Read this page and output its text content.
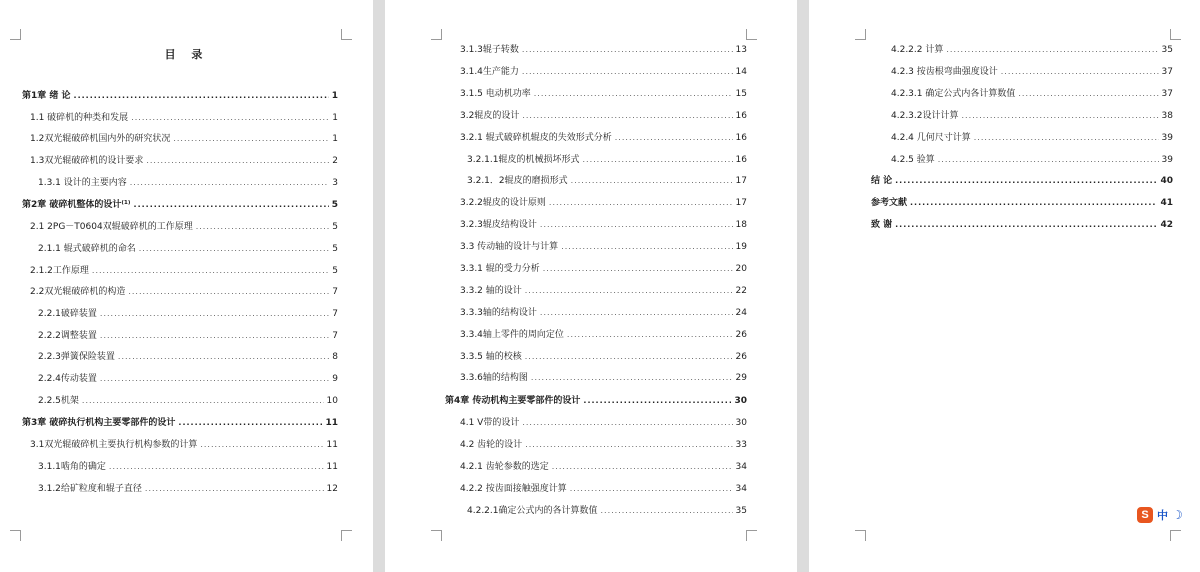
目 录
第1章 绪 论 .....	1
1.1 破碎机的种类和发展 .....	1
1.2双光辊破碎机国内外的研究状况 .....	1
1.3双光辊破碎机的设计要求 .....	2
1.3.1 设计的主要内容 .....	3
第2章 破碎机整体的设计⁽¹⁾ .....	5
2.1 2PG－T0604双辊破碎机的工作原理 .....	5
2.1.1 辊式破碎机的命名 .....	5
2.1.2工作原理 .....	5
2.2双光辊破碎机的构造 .....	7
2.2.1破碎装置 .....	7
2.2.2调整装置 .....	7
2.2.3弹簧保险装置 .....	8
2.2.4传动装置 .....	9
2.2.5机架 .....	10
第3章 破碎执行机构主要零部件的设计 .....	11
3.1双光辊破碎机主要执行机构参数的计算 .....	11
3.1.1啮角的确定 .....	11
3.1.2给矿粒度和辊子直径 .....	12
3.1.3辊子转数 .....	13
3.1.4生产能力 .....	14
3.1.5 电动机功率 .....	15
3.2辊皮的设计 .....	16
3.2.1 辊式破碎机辊皮的失效形式分析 .....	16
3.2.1.1辊皮的机械损坏形式 .....	16
3.2.1．2辊皮的磨损形式 .....	17
3.2.2辊皮的设计原则 .....	17
3.2.3辊皮结构设计 .....	18
3.3 传动轴的设计与计算 .....	19
3.3.1 辊的受力分析 .....	20
3.3.2 轴的设计 .....	22
3.3.3轴的结构设计 .....	24
3.3.4轴上零件的周向定位 .....	26
3.3.5 轴的校核 .....	26
3.3.6轴的结构图 .....	29
第4章 传动机构主要零部件的设计 .....	30
4.1 V带的设计 .....	30
4.2 齿轮的设计 .....	33
4.2.1 齿轮参数的选定 .....	34
4.2.2 按齿面接触强度计算 .....	34
4.2.2.1确定公式内的各计算数值 .....	35
4.2.2.2 计算 .....	35
4.2.3 按齿根弯曲强度设计 .....	37
4.2.3.1 确定公式内各计算数值 .....	37
4.2.3.2设计计算 .....	38
4.2.4 几何尺寸计算 .....	39
4.2.5 验算 .....	39
结 论 .....	40
参考文献 .....	41
致 谢 .....	42
S 中 ☽
